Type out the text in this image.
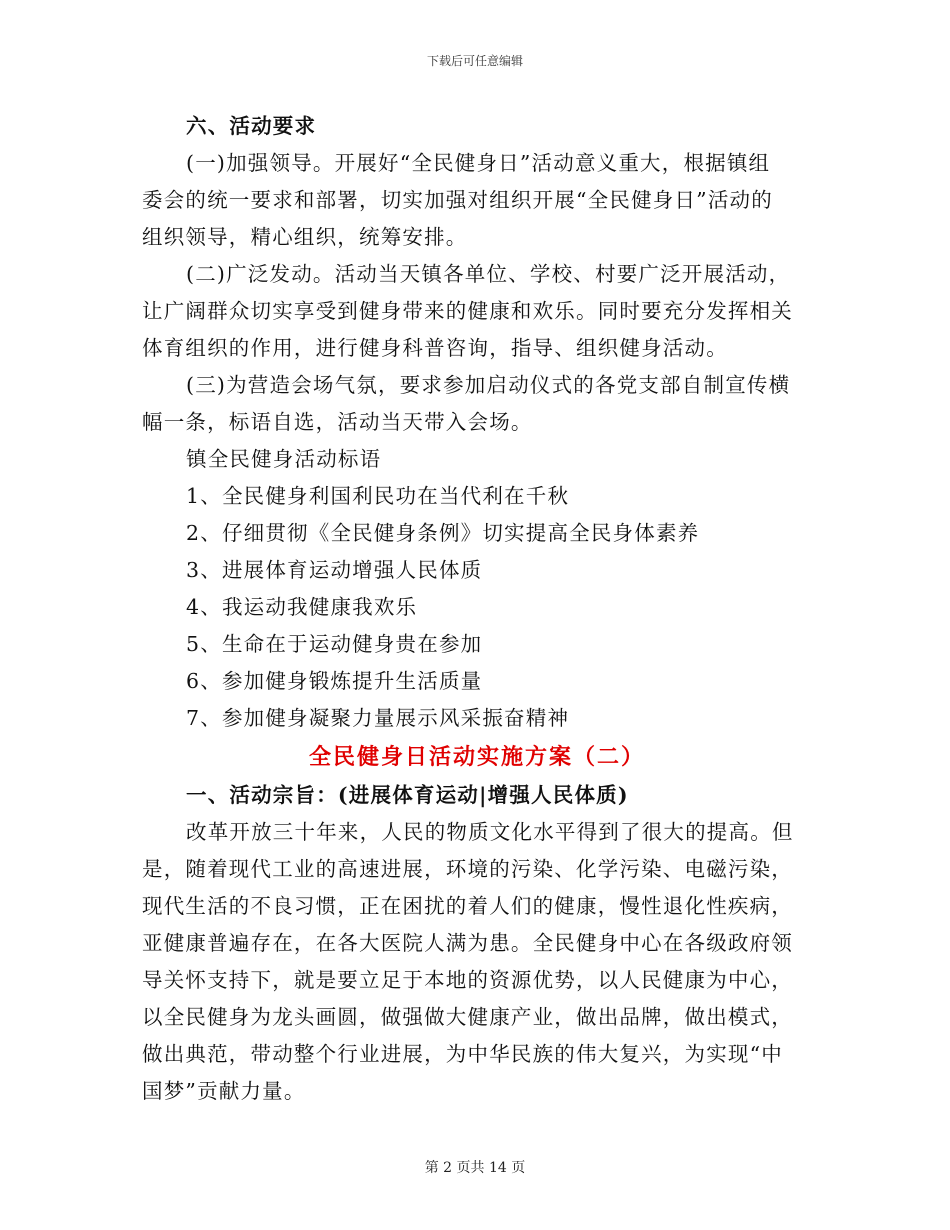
下载后可任意编辑
六、活动要求
(一)加强领导。开展好“全民健身日”活动意义重大，根据镇组
委会的统一要求和部署，切实加强对组织开展“全民健身日”活动的
组织领导，精心组织，统筹安排。
(二)广泛发动。活动当天镇各单位、学校、村要广泛开展活动，
让广阔群众切实享受到健身带来的健康和欢乐。同时要充分发挥相关
体育组织的作用，进行健身科普咨询，指导、组织健身活动。
(三)为营造会场气氛，要求参加启动仪式的各党支部自制宣传横
幅一条，标语自选，活动当天带入会场。
镇全民健身活动标语
1、全民健身利国利民功在当代利在千秋
2、仔细贯彻《全民健身条例》切实提高全民身体素养
3、进展体育运动增强人民体质
4、我运动我健康我欢乐
5、生命在于运动健身贵在参加
6、参加健身锻炼提升生活质量
7、参加健身凝聚力量展示风采振奋精神
全民健身日活动实施方案（二）
一、活动宗旨：(进展体育运动|增强人民体质)
改革开放三十年来，人民的物质文化水平得到了很大的提高。但
是，随着现代工业的高速进展，环境的污染、化学污染、电磁污染，
现代生活的不良习惯，正在困扰的着人们的健康，慢性退化性疾病，
亚健康普遍存在，在各大医院人满为患。全民健身中心在各级政府领
导关怀支持下，就是要立足于本地的资源优势，以人民健康为中心，
以全民健身为龙头画圆，做强做大健康产业，做出品牌，做出模式，
做出典范，带动整个行业进展，为中华民族的伟大复兴，为实现“中
国梦”贡献力量。
第 2 页共 14 页
